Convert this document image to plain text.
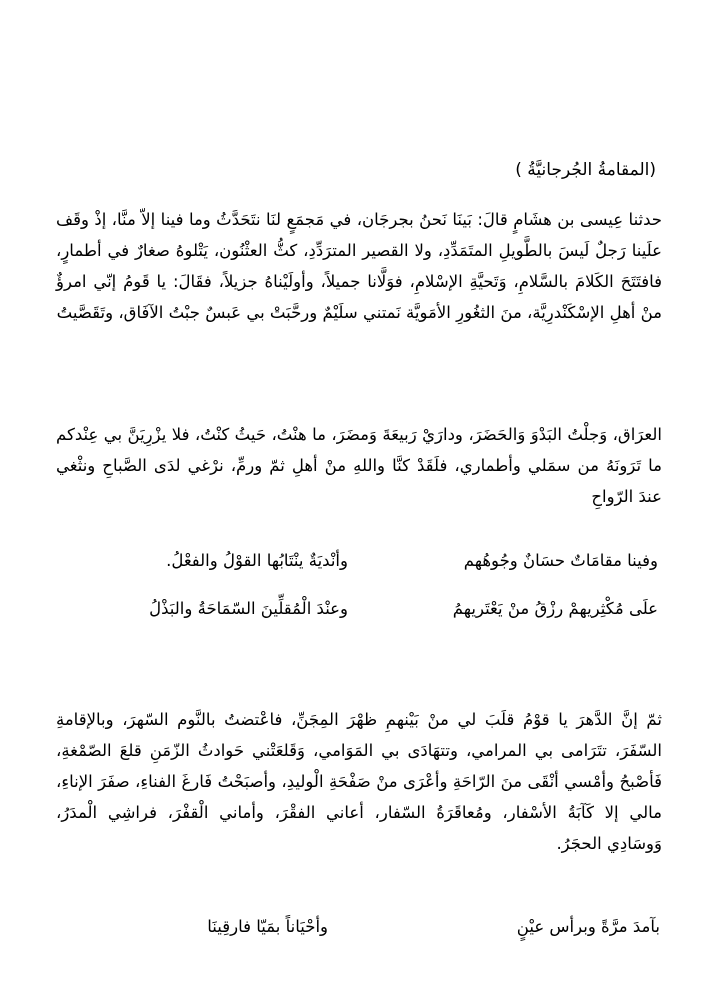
(المقامةُ الجُرجانيَّةُ )
حدثنا عِيسى بن هشَامٍ قالَ: بَينَا نَحنُ بجرجَان، في مَجمَعٍ لنَا نتَحَدَّثُ وما فينا إلاّ منَّا، إذْ وقَف علَينا رَجلٌ لَيسَ بالطَّويلِ المتَمَدِّدِ، ولا القصير المترَدِّدِ، كثُّ العثْنُون، يَتْلوهُ صغارٌ في أطمارٍ، فافتَتَحَ الكَلامَ بالسَّلامِ، وَتَحيَّةِ الإسْلامِ، فوَلَّانا جميلاً، وأولَيْناهُ جزيلاً، فقَالَ: يا قَومُ إنّي امرؤٌ منْ أهلِ الإسْكَنْدرِيَّة، منَ الثغُورِ الأمَويَّة نَمتني سلَيْمٌ ورحَّبَتْ بي عَبسٌ جبْتُ الآفَاق، وتَقَصَّيتُ
العرَاق، وَجلْتُ البَدْوَ وَالحَضَرَ، ودارَيْ رَبيعَةَ وَمضَرَ، ما هنْتُ، حَيثُ كنْتُ، فلا يزْرِيَنَّ بي عِنْدكم ما تَرَونَهُ من سمَلي وأطماري، فلَقَدْ كنَّا واللهِ منْ أهلِ ثمّ ورمِّ، نرْغي لدَى الصَّباحِ ونثْغي عندَ الرّواحِ
وفينا مقامَاتٌ حسَانٌ وجُوهُهم
وأنْديَةٌ ينْتَابُها القوْلُ والفعْلُ.
علَى مُكْثِريهمْ رزْقُ منْ يَعْتَريهمُ
وعنْدَ الْمُقلِّينَ السّمَاحَةُ والبَذْلُ
ثمّ إنَّ الدَّهرَ يا قوْمُ قلَبَ لي منْ بَيْنهمِ ظهْرَ المِجَنِّ، فاعْتضتُ بالنَّوم السّهرَ، وبالإقامةِ السّفَرَ، تتَرَامى بي المرامي، وتتهَادَى بي المَوَامي، وَقَلعَتْني حَوادثُ الزّمَنِ قلعَ الصّمْغةِ، فَأصْبحُ وأمْسي أنْقَى منَ الرّاحَةِ وأعْرَى منْ صَفْحَةِ الْوليدِ، وأصبَحْتُ فَارغَ الفناءِ، صفَرَ الإناءِ، مالي إلا كَآبَةُ الأسْفار، ومُعاقَرَةُ السّفار، أعاني الفقْرَ، وأماني الْقفْرَ، فراشِي الْمدَرُ، وَوسَادِي الحجَرُ.
بآمدَ مرَّةً وبرأس عيْنٍ
وأحْيَاناً بمَيّا فارقِينَا
